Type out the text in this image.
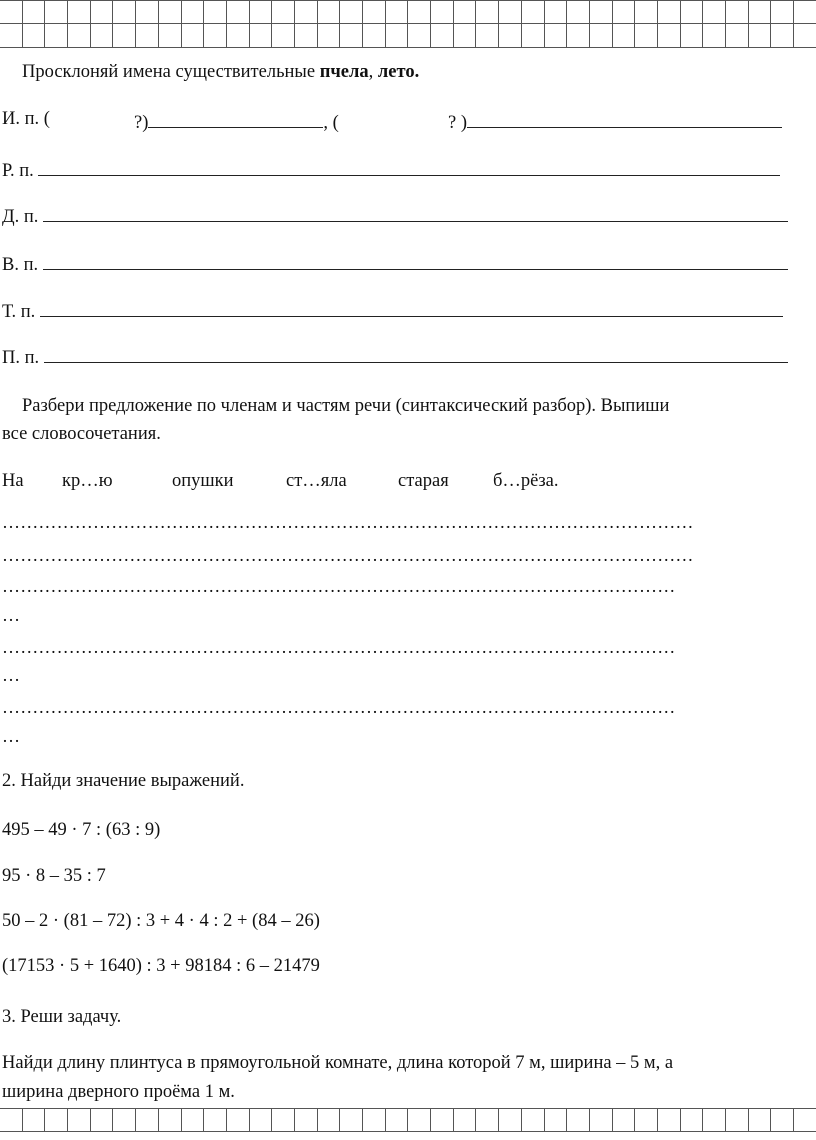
Просклоняй имена существительные пчела, лето.
И. п. (	?)	, (	? )
Р. п.
Д. п.
В. п.
Т. п.
П. п.
Разбери предложение по членам и частям речи (синтаксический разбор). Выпиши
все словосочетания.
На кр…ю	опушки	ст…яла	старая б…рёза.
……………………………………………………………………………………………………
……………………………………………………………………………………………………
…………………………………………………………………………………………………
…
…………………………………………………………………………………………………
…
…………………………………………………………………………………………………
…
2. Найди значение выражений.
495 – 49 · 7 : (63 : 9)
95 · 8 – 35 : 7
50 – 2 · (81 – 72) : 3 + 4 · 4 : 2 + (84 – 26)
(17153 · 5 + 1640) : 3 + 98184 : 6 – 21479
3. Реши задачу.
Найди длину плинтуса в прямоугольной комнате, длина которой 7 м, ширина – 5 м, а
ширина дверного проёма 1 м.
